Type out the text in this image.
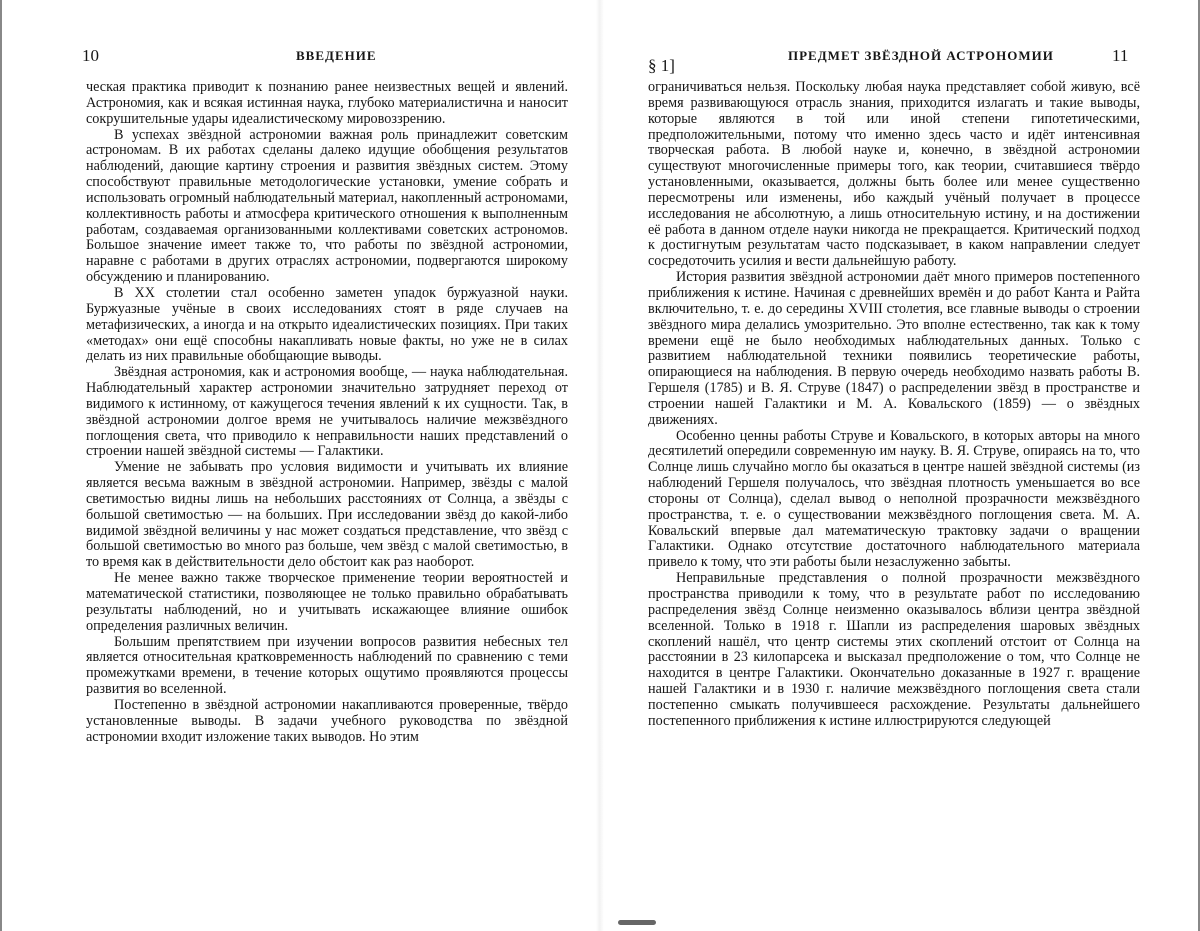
10	ВВЕДЕНИЕ

ческая практика приводит к познанию ранее неизвестных вещей и явлений. Астрономия, как и всякая истинная наука, глубоко материалистична и наносит сокрушительные удары идеалистическому мировоззрению.

В успехах звёздной астрономии важная роль принадлежит советским астрономам. В их работах сделаны далеко идущие обобщения результатов наблюдений, дающие картину строения и развития звёздных систем. Этому способствуют правильные методологические установки, умение собрать и использовать огромный наблюдательный материал, накопленный астрономами, коллективность работы и атмосфера критического отношения к выполненным работам, создаваемая организованными коллективами советских астрономов. Большое значение имеет также то, что работы по звёздной астрономии, наравне с работами в других отраслях астрономии, подвергаются широкому обсуждению и планированию.

В XX столетии стал особенно заметен упадок буржуазной науки. Буржуазные учёные в своих исследованиях стоят в ряде случаев на метафизических, а иногда и на открыто идеалистических позициях. При таких «методах» они ещё способны накапливать новые факты, но уже не в силах делать из них правильные обобщающие выводы.

Звёздная астрономия, как и астрономия вообще, — наука наблюдательная. Наблюдательный характер астрономии значительно затрудняет переход от видимого к истинному, от кажущегося течения явлений к их сущности. Так, в звёздной астрономии долгое время не учитывалось наличие межзвёздного поглощения света, что приводило к неправильности наших представлений о строении нашей звёздной системы — Галактики.

Умение не забывать про условия видимости и учитывать их влияние является весьма важным в звёздной астрономии. Например, звёзды с малой светимостью видны лишь на небольших расстояниях от Солнца, а звёзды с большой светимостью — на больших. При исследовании звёзд до какой-либо видимой звёздной величины у нас может создаться представление, что звёзд с большой светимостью во много раз больше, чем звёзд с малой светимостью, в то время как в действительности дело обстоит как раз наоборот.

Не менее важно также творческое применение теории вероятностей и математической статистики, позволяющее не только правильно обрабатывать результаты наблюдений, но и учитывать искажающее влияние ошибок определения различных величин.

Большим препятствием при изучении вопросов развития небесных тел является относительная кратковременность наблюдений по сравнению с теми промежутками времени, в течение которых ощутимо проявляются процессы развития во вселенной.

Постепенно в звёздной астрономии накапливаются проверенные, твёрдо установленные выводы. В задачи учебного руководства по звёздной астрономии входит изложение таких выводов. Но этим

§ 1]
ПРЕДМЕТ ЗВЁЗДНОЙ АСТРОНОМИИ	11

ограничиваться нельзя. Поскольку любая наука представляет собой живую, всё время развивающуюся отрасль знания, приходится излагать и такие выводы, которые являются в той или иной степени гипотетическими, предположительными, потому что именно здесь часто и идёт интенсивная творческая работа. В любой науке и, конечно, в звёздной астрономии существуют многочисленные примеры того, как теории, считавшиеся твёрдо установленными, оказывается, должны быть более или менее существенно пересмотрены или изменены, ибо каждый учёный получает в процессе исследования не абсолютную, а лишь относительную истину, и на достижении её работа в данном отделе науки никогда не прекращается. Критический подход к достигнутым результатам часто подсказывает, в каком направлении следует сосредоточить усилия и вести дальнейшую работу.

История развития звёздной астрономии даёт много примеров постепенного приближения к истине. Начиная с древнейших времён и до работ Канта и Райта включительно, т. е. до середины XVIII столетия, все главные выводы о строении звёздного мира делались умозрительно. Это вполне естественно, так как к тому времени ещё не было необходимых наблюдательных данных. Только с развитием наблюдательной техники появились теоретические работы, опирающиеся на наблюдения. В первую очередь необходимо назвать работы В. Гершеля (1785) и В. Я. Струве (1847) о распределении звёзд в пространстве и строении нашей Галактики и М. А. Ковальского (1859) — о звёздных движениях.

Особенно ценны работы Струве и Ковальского, в которых авторы на много десятилетий опередили современную им науку. В. Я. Струве, опираясь на то, что Солнце лишь случайно могло бы оказаться в центре нашей звёздной системы (из наблюдений Гершеля получалось, что звёздная плотность уменьшается во все стороны от Солнца), сделал вывод о неполной прозрачности межзвёздного пространства, т. е. о существовании межзвёздного поглощения света. М. А. Ковальский впервые дал математическую трактовку задачи о вращении Галактики. Однако отсутствие достаточного наблюдательного материала привело к тому, что эти работы были незаслуженно забыты.

Неправильные представления о полной прозрачности межзвёздного пространства приводили к тому, что в результате работ по исследованию распределения звёзд Солнце неизменно оказывалось вблизи центра звёздной вселенной. Только в 1918 г. Шапли из распределения шаровых звёздных скоплений нашёл, что центр системы этих скоплений отстоит от Солнца на расстоянии в 23 килопарсека и высказал предположение о том, что Солнце не находится в центре Галактики. Окончательно доказанные в 1927 г. вращение нашей Галактики и в 1930 г. наличие межзвёздного поглощения света стали постепенно смыкать получившееся расхождение. Результаты дальнейшего постепенного приближения к истине иллюстрируются следующей
